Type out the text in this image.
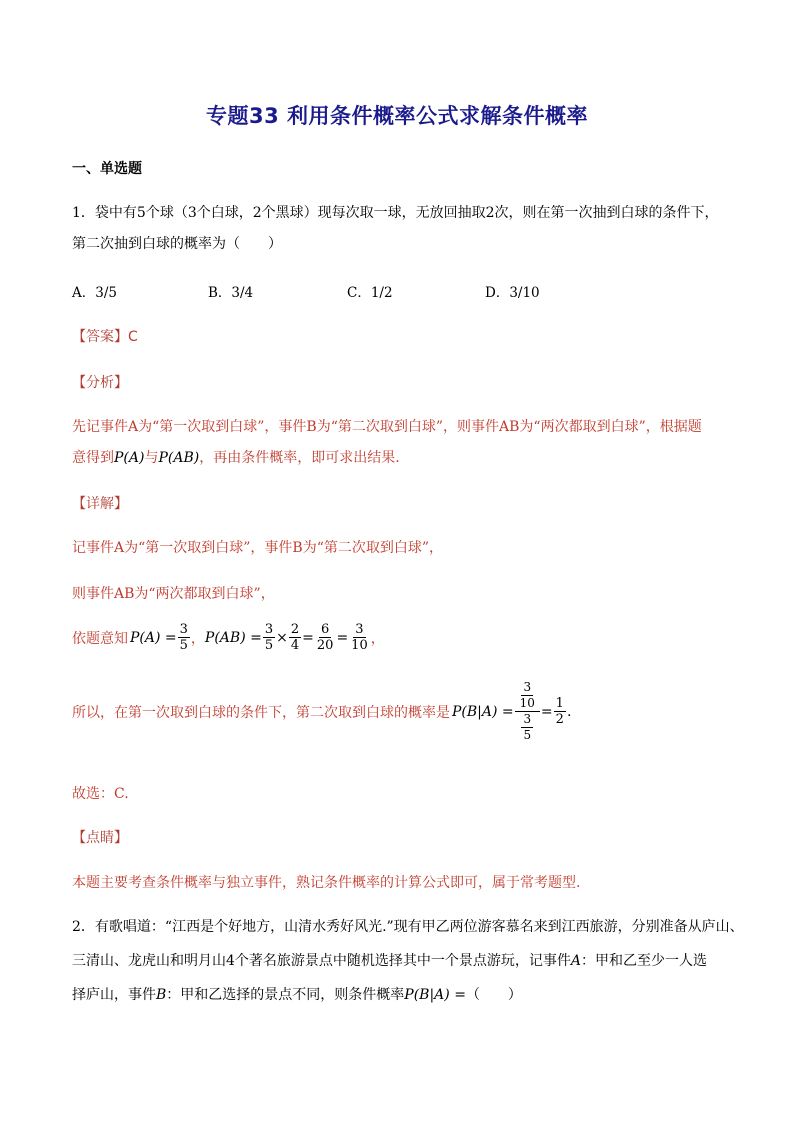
专题33 利用条件概率公式求解条件概率
一、单选题
1．袋中有5个球（3个白球，2个黑球）现每次取一球，无放回抽取2次，则在第一次抽到白球的条件下，
第二次抽到白球的概率为（　　）
A．3/5	B．3/4	C．1/2	D．3/10
【答案】C
【分析】
先记事件A为“第一次取到白球”，事件B为“第二次取到白球”，则事件AB为“两次都取到白球”，根据题
意得到P(A)与P(AB)，再由条件概率，即可求出结果.
【详解】
记事件A为“第一次取到白球”，事件B为“第二次取到白球”，
则事件AB为“两次都取到白球”，
依题意知 $P(A) = \frac{3}{5}$ ， $P(AB) = \frac{3}{5} \times \frac{2}{4} = \frac{6}{20} = \frac{3}{10}$ ，
所以，在第一次取到白球的条件下，第二次取到白球的概率是 $P(B|A) = \frac{\frac{3}{10}}{\frac{3}{5}} = \frac{1}{2}$ .
故选：C.
【点睛】
本题主要考查条件概率与独立事件，熟记条件概率的计算公式即可，属于常考题型.
2．有歌唱道：“江西是个好地方，山清水秀好风光.”现有甲乙两位游客慕名来到江西旅游，分别准备从庐山、
三清山、龙虎山和明月山4个著名旅游景点中随机选择其中一个景点游玩，记事件A：甲和乙至少一人选
择庐山，事件B：甲和乙选择的景点不同，则条件概率P(B|A) =（　　）
